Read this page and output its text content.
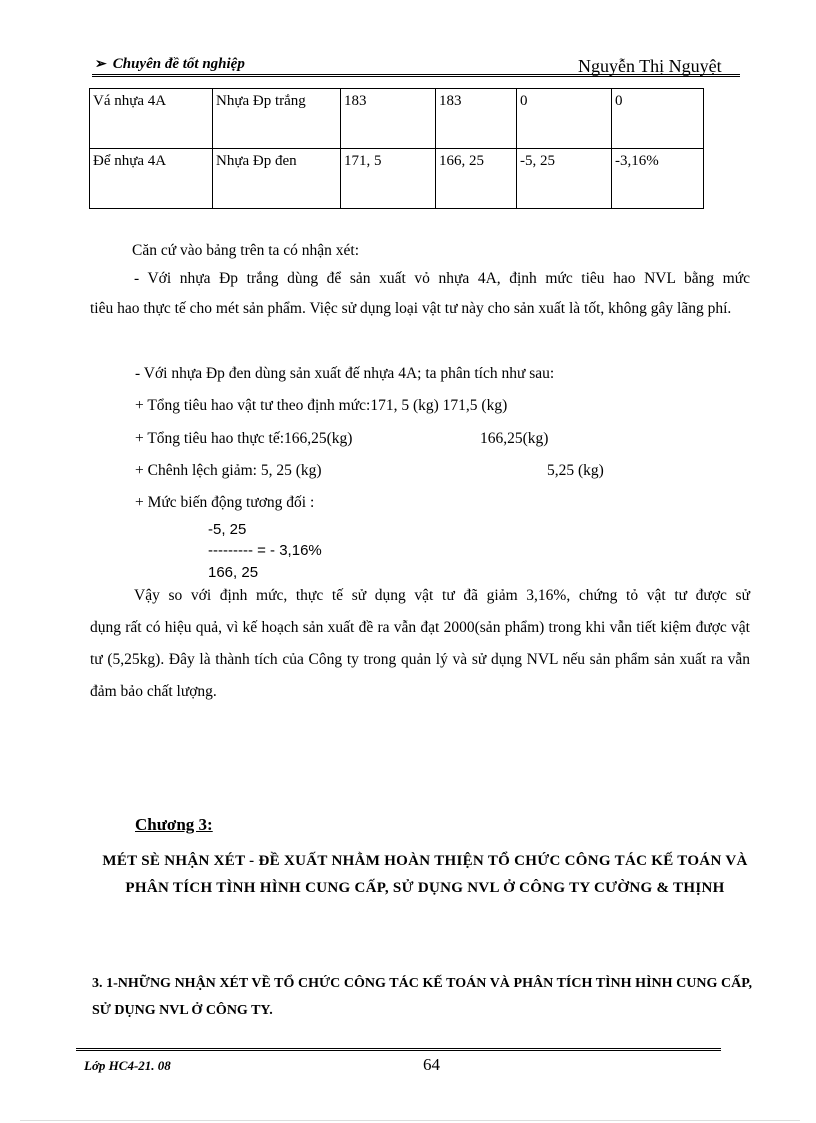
➢ Chuyên đề tốt nghiệp	Nguyễn Thị Nguyệt
Vá nhựa 4A	Nhựa Đp trắng	183	183	0	0
Để nhựa 4A	Nhựa Đp đen	171, 5	166, 25	-5, 25	-3,16%
Căn cứ vào bảng trên ta có nhận xét:
- Với nhựa Đp trắng dùng để sản xuất vỏ nhựa 4A, định mức tiêu hao NVL bằng mức
tiêu hao thực tế cho mét sản phẩm. Việc sử dụng loại vật tư này cho sản xuất là tốt, không gây lãng phí.
- Với nhựa Đp đen dùng sản xuất đế nhựa 4A; ta phân tích như sau:
+ Tổng tiêu hao vật tư theo định mức:171, 5 (kg) 171,5 (kg)
+ Tổng tiêu hao thực tế:166,25(kg)	166,25(kg)
+ Chênh lệch giảm: 5, 25 (kg)	5,25 (kg)
+ Mức biến động tương đối :
-5, 25
--------- = - 3,16%
166, 25
Vậy so với định mức, thực tế sử dụng vật tư đã giảm 3,16%, chứng tỏ vật tư được sử
dụng rất có hiệu quả, vì kế hoạch sản xuất đề ra vẫn đạt 2000(sản phẩm) trong khi vẫn tiết kiệm được vật tư (5,25kg). Đây là thành tích của Công ty trong quản lý và sử dụng NVL nếu sản phẩm sản xuất ra vẫn đảm bảo chất lượng.
Chương 3:
MÉT SÈ NHẬN XÉT - ĐỀ XUẤT NHẰM HOÀN THIỆN TỔ CHỨC CÔNG TÁC KẾ TOÁN VÀ PHÂN TÍCH TÌNH HÌNH CUNG CẤP, SỬ DỤNG NVL Ở CÔNG TY CƯỜNG & THỊNH
3. 1-NHỮNG NHẬN XÉT VỀ TỔ CHỨC CÔNG TÁC KẾ TOÁN VÀ PHÂN TÍCH TÌNH HÌNH CUNG CẤP, SỬ DỤNG NVL Ở CÔNG TY.
Lớp HC4-21. 08	64
